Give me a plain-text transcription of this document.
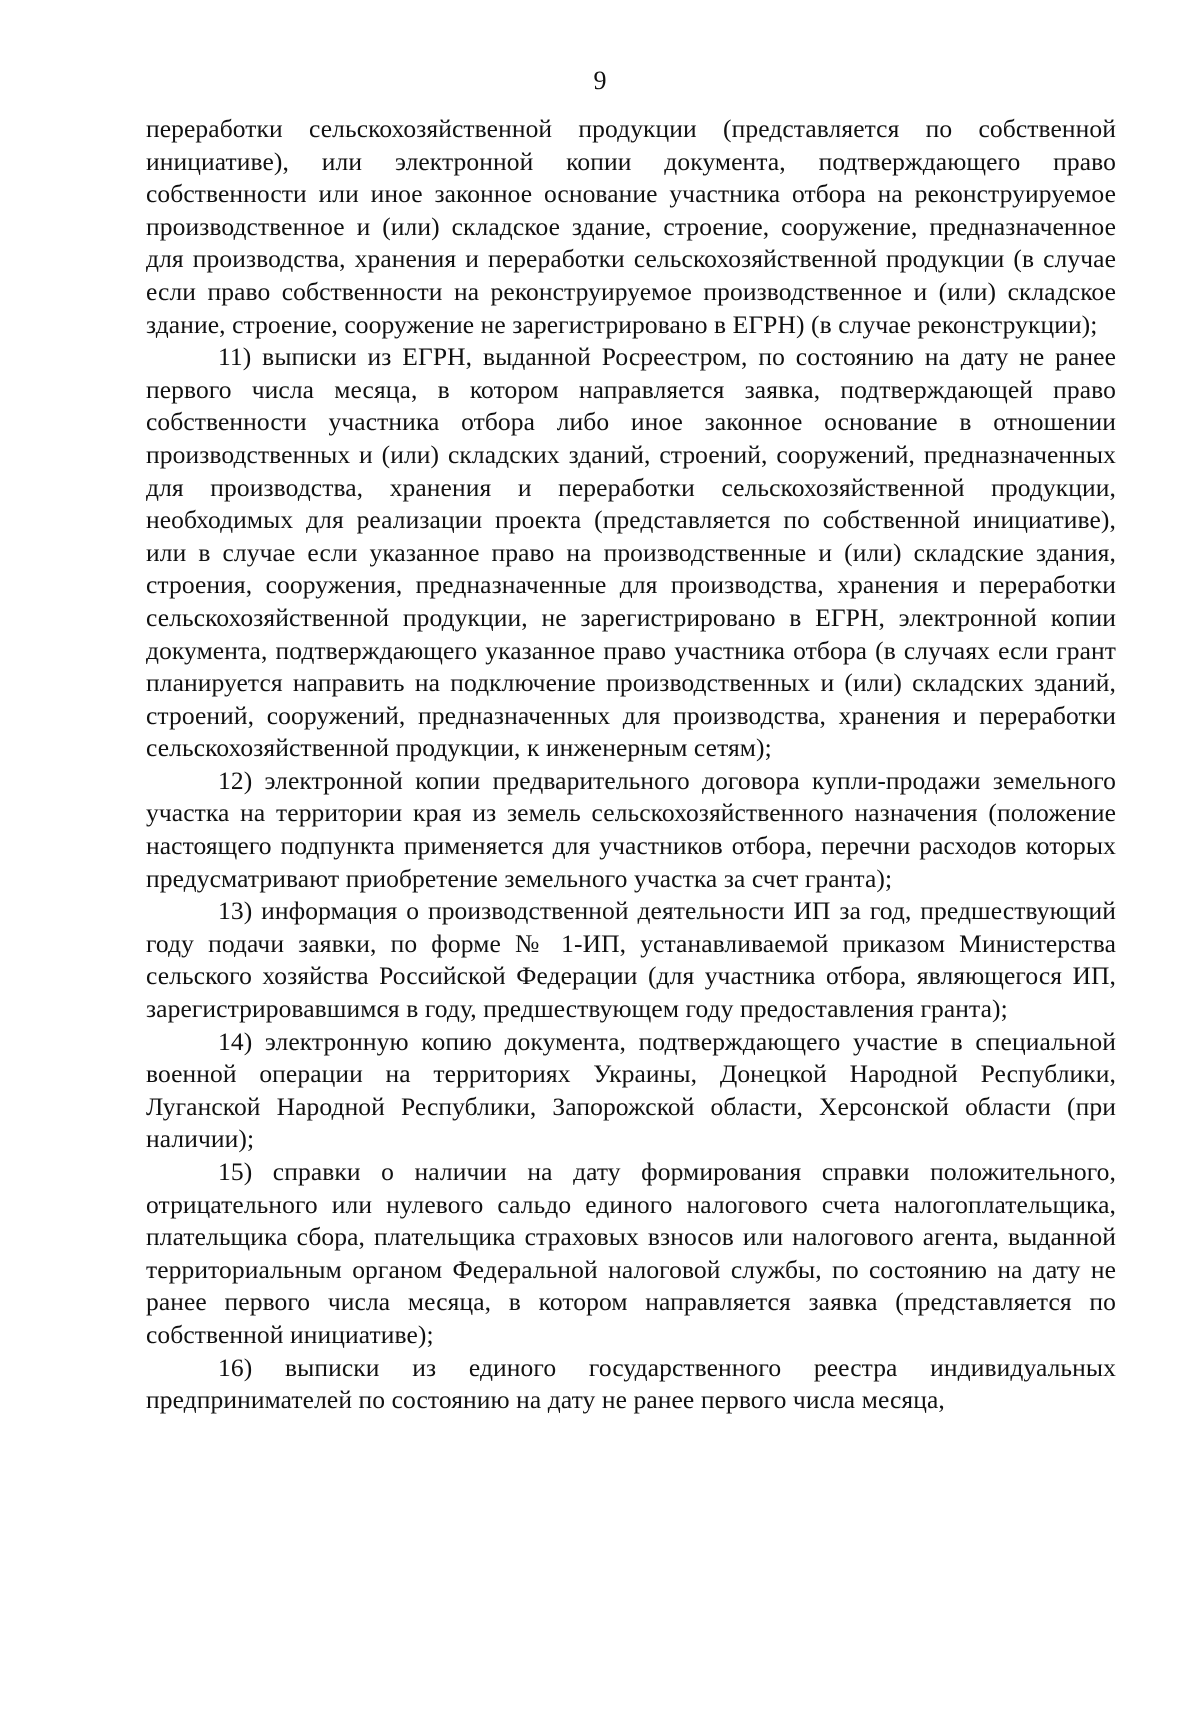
9

переработки сельскохозяйственной продукции (представляется по собственной инициативе), или электронной копии документа, подтверждающего право собственности или иное законное основание участника отбора на реконструируемое производственное и (или) складское здание, строение, сооружение, предназначенное для производства, хранения и переработки сельскохозяйственной продукции (в случае если право собственности на реконструируемое производственное и (или) складское здание, строение, сооружение не зарегистрировано в ЕГРН) (в случае реконструкции);

11) выписки из ЕГРН, выданной Росреестром, по состоянию на дату не ранее первого числа месяца, в котором направляется заявка, подтверждающей право собственности участника отбора либо иное законное основание в отношении производственных и (или) складских зданий, строений, сооружений, предназначенных для производства, хранения и переработки сельскохозяйственной продукции, необходимых для реализации проекта (представляется по собственной инициативе), или в случае если указанное право на производственные и (или) складские здания, строения, сооружения, предназначенные для производства, хранения и переработки сельскохозяйственной продукции, не зарегистрировано в ЕГРН, электронной копии документа, подтверждающего указанное право участника отбора (в случаях если грант планируется направить на подключение производственных и (или) складских зданий, строений, сооружений, предназначенных для производства, хранения и переработки сельскохозяйственной продукции, к инженерным сетям);

12) электронной копии предварительного договора купли-продажи земельного участка на территории края из земель сельскохозяйственного назначения (положение настоящего подпункта применяется для участников отбора, перечни расходов которых предусматривают приобретение земельного участка за счет гранта);

13) информация о производственной деятельности ИП за год, предшествующий году подачи заявки, по форме № 1-ИП, устанавливаемой приказом Министерства сельского хозяйства Российской Федерации (для участника отбора, являющегося ИП, зарегистрировавшимся в году, предшествующем году предоставления гранта);

14) электронную копию документа, подтверждающего участие в специальной военной операции на территориях Украины, Донецкой Народной Республики, Луганской Народной Республики, Запорожской области, Херсонской области (при наличии);

15) справки о наличии на дату формирования справки положительного, отрицательного или нулевого сальдо единого налогового счета налогоплательщика, плательщика сбора, плательщика страховых взносов или налогового агента, выданной территориальным органом Федеральной налоговой службы, по состоянию на дату не ранее первого числа месяца, в котором направляется заявка (представляется по собственной инициативе);

16) выписки из единого государственного реестра индивидуальных предпринимателей по состоянию на дату не ранее первого числа месяца,
